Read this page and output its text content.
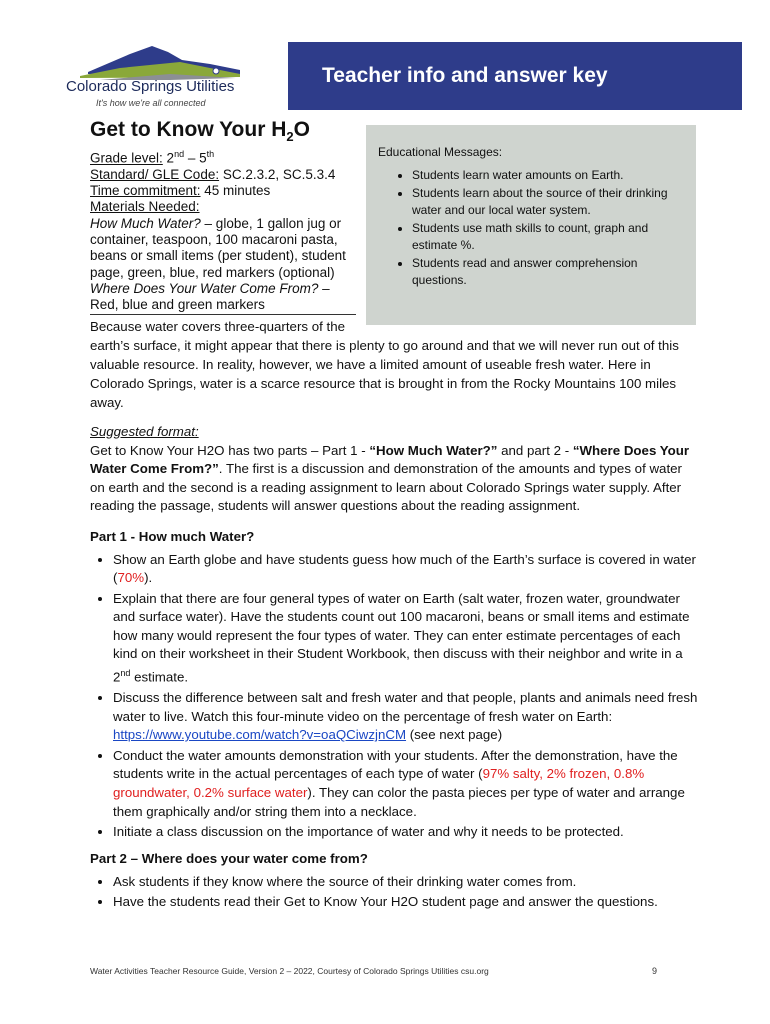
Colorado Springs Utilities
It's how we're all connected
Teacher info and answer key
Educational Messages:
• Students learn water amounts on Earth.
• Students learn about the source of their drinking water and our local water system.
• Students use math skills to count, graph and estimate %.
• Students read and answer comprehension questions.
Get to Know Your $H_2O$
Grade level: 2nd – 5th
Standard/ GLE Code: SC.2.3.2, SC.5.3.4
Time commitment: 45 minutes
Materials Needed:
How Much Water? – globe, 1 gallon jug or container, teaspoon, 100 macaroni pasta, beans or small items (per student), student page, green, blue, red markers (optional)
Where Does Your Water Come From? – Red, blue and green markers
Because water covers three-quarters of the
earth’s surface, it might appear that there is plenty to go around and that we will never run out of this valuable resource. In reality, however, we have a limited amount of useable fresh water. Here in Colorado Springs, water is a scarce resource that is brought in from the Rocky Mountains 100 miles away.

Suggested format:

Get to Know Your H2O has two parts – Part 1 - “How Much Water?” and part 2 - “Where Does Your Water Come From?”. The first is a discussion and demonstration of the amounts and types of water on earth and the second is a reading assignment to learn about Colorado Springs water supply. After reading the passage, students will answer questions about the reading assignment.

Part 1 - How much Water?

• Show an Earth globe and have students guess how much of the Earth’s surface is covered in water (70%).
• Explain that there are four general types of water on Earth (salt water, frozen water, groundwater and surface water). Have the students count out 100 macaroni, beans or small items and estimate how many would represent the four types of water. They can enter estimate percentages of each kind on their worksheet in their Student Workbook, then discuss with their neighbor and write in a 2nd estimate.
• Discuss the difference between salt and fresh water and that people, plants and animals need fresh water to live. Watch this four-minute video on the percentage of fresh water on Earth: https://www.youtube.com/watch?v=oaQCiwzjnCM (see next page)
• Conduct the water amounts demonstration with your students. After the demonstration, have the students write in the actual percentages of each type of water (97% salty, 2% frozen, 0.8% groundwater, 0.2% surface water). They can color the pasta pieces per type of water and arrange them graphically and/or string them into a necklace.
• Initiate a class discussion on the importance of water and why it needs to be protected.

Part 2 – Where does your water come from?

• Ask students if they know where the source of their drinking water comes from.
• Have the students read their Get to Know Your H2O student page and answer the questions.
Water Activities Teacher Resource Guide, Version 2 – 2022, Courtesy of Colorado Springs Utilities csu.org	9
